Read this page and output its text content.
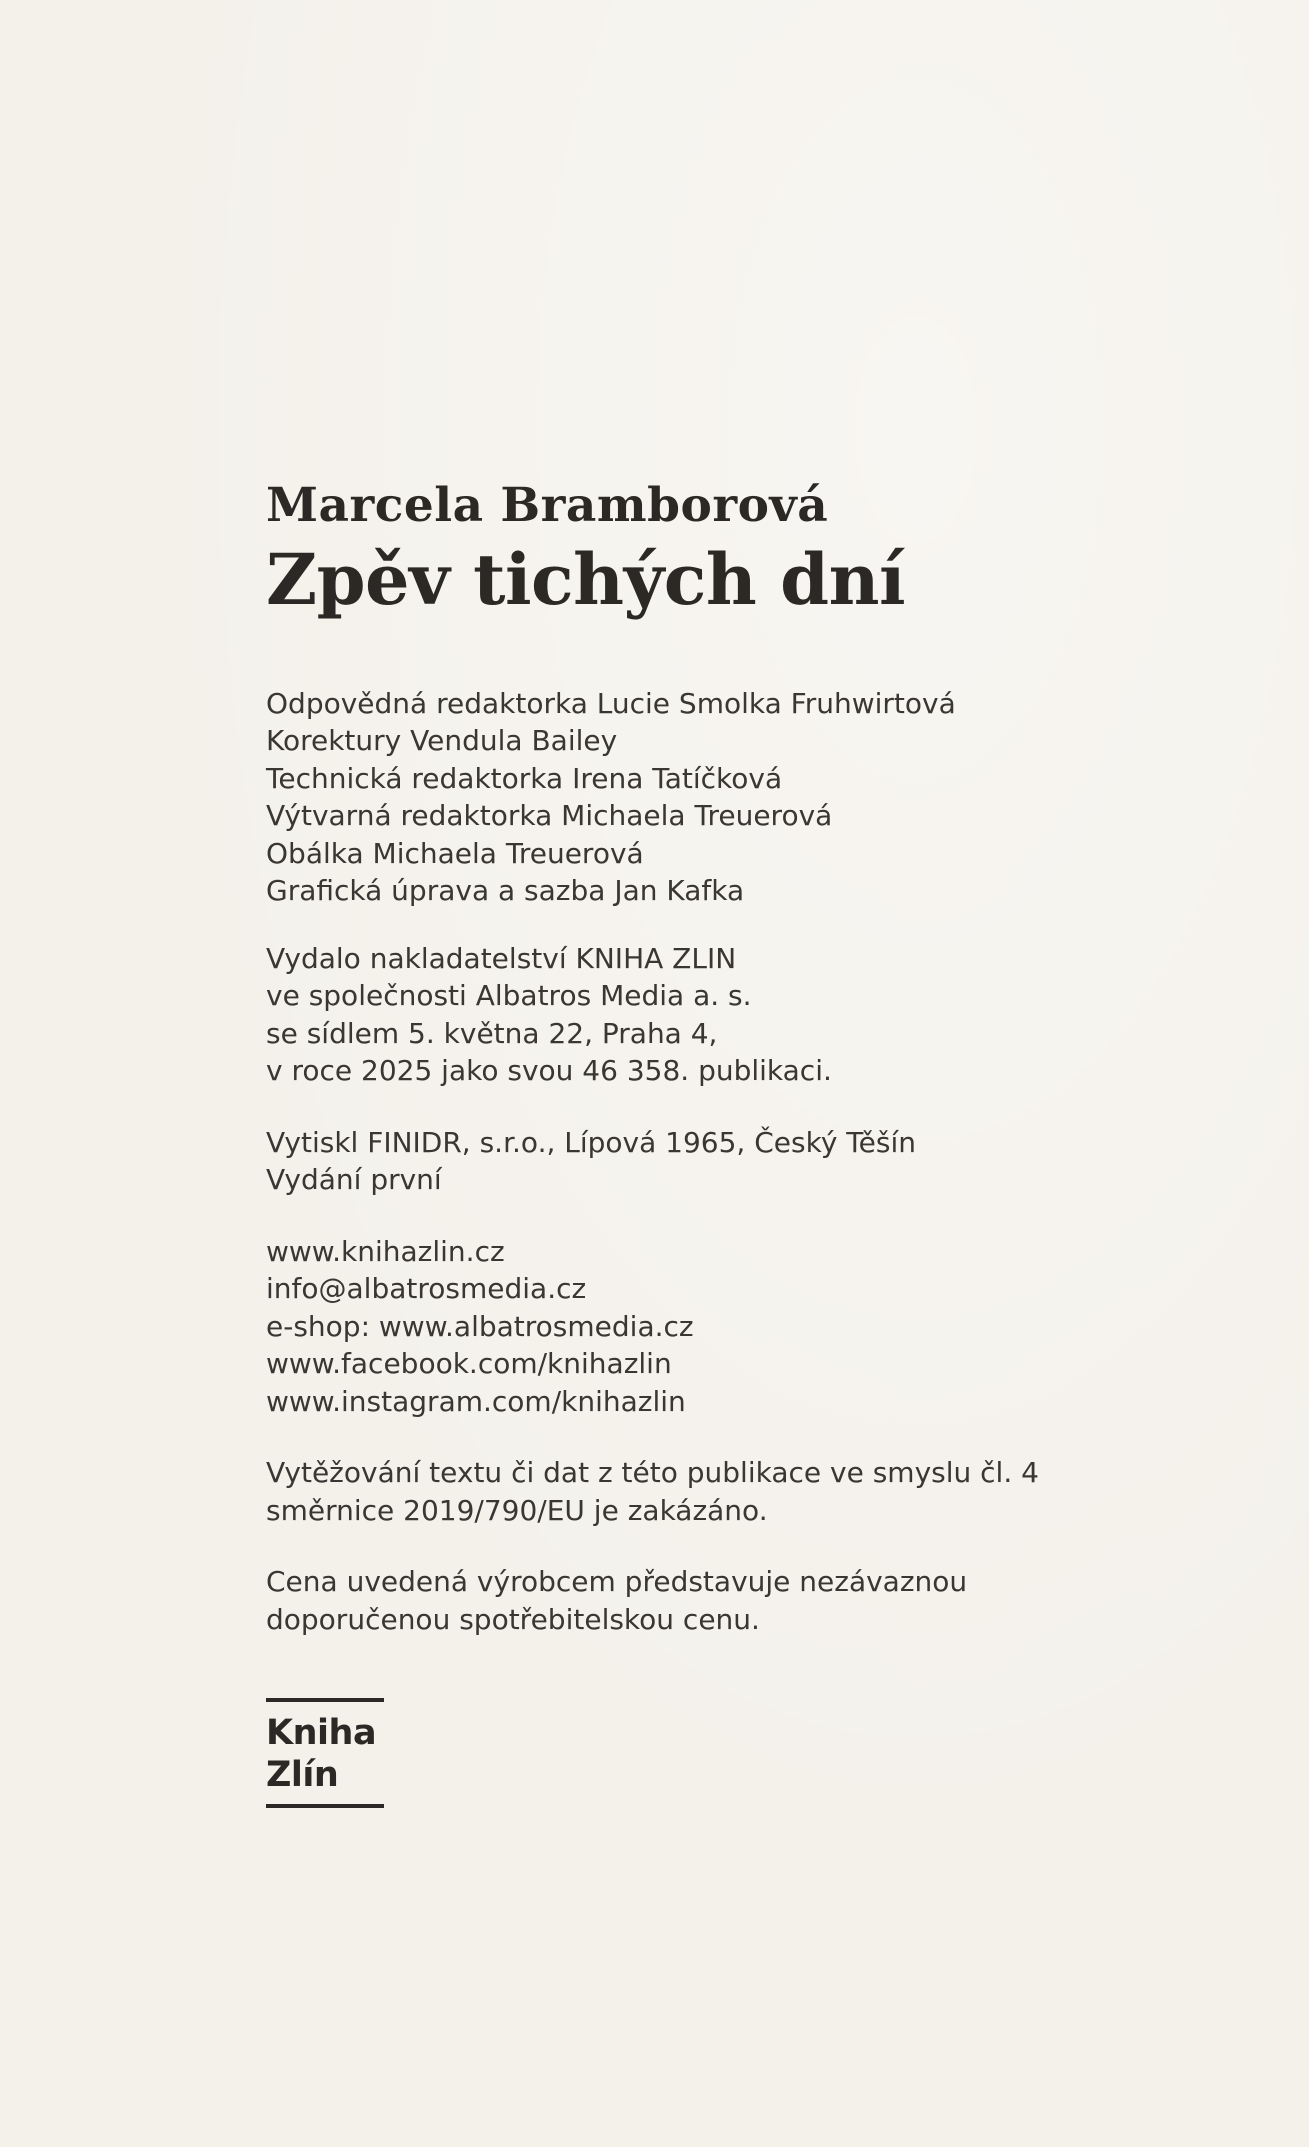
Marcela Bramborová
Zpěv tichých dní

Odpovědná redaktorka Lucie Smolka Fruhwirtová
Korektury Vendula Bailey
Technická redaktorka Irena Tatíčková
Výtvarná redaktorka Michaela Treuerová
Obálka Michaela Treuerová
Grafická úprava a sazba Jan Kafka

Vydalo nakladatelství KNIHA ZLIN
ve společnosti Albatros Media a. s.
se sídlem 5. května 22, Praha 4,
v roce 2025 jako svou 46 358. publikaci.

Vytiskl FINIDR, s.r.o., Lípová 1965, Český Těšín
Vydání první

www.knihazlin.cz
info@albatrosmedia.cz
e-shop: www.albatrosmedia.cz
www.facebook.com/knihazlin
www.instagram.com/knihazlin

Vytěžování textu či dat z této publikace ve smyslu čl. 4
směrnice 2019/790/EU je zakázáno.

Cena uvedená výrobcem představuje nezávaznou
doporučenou spotřebitelskou cenu.

Kniha
Zlín
